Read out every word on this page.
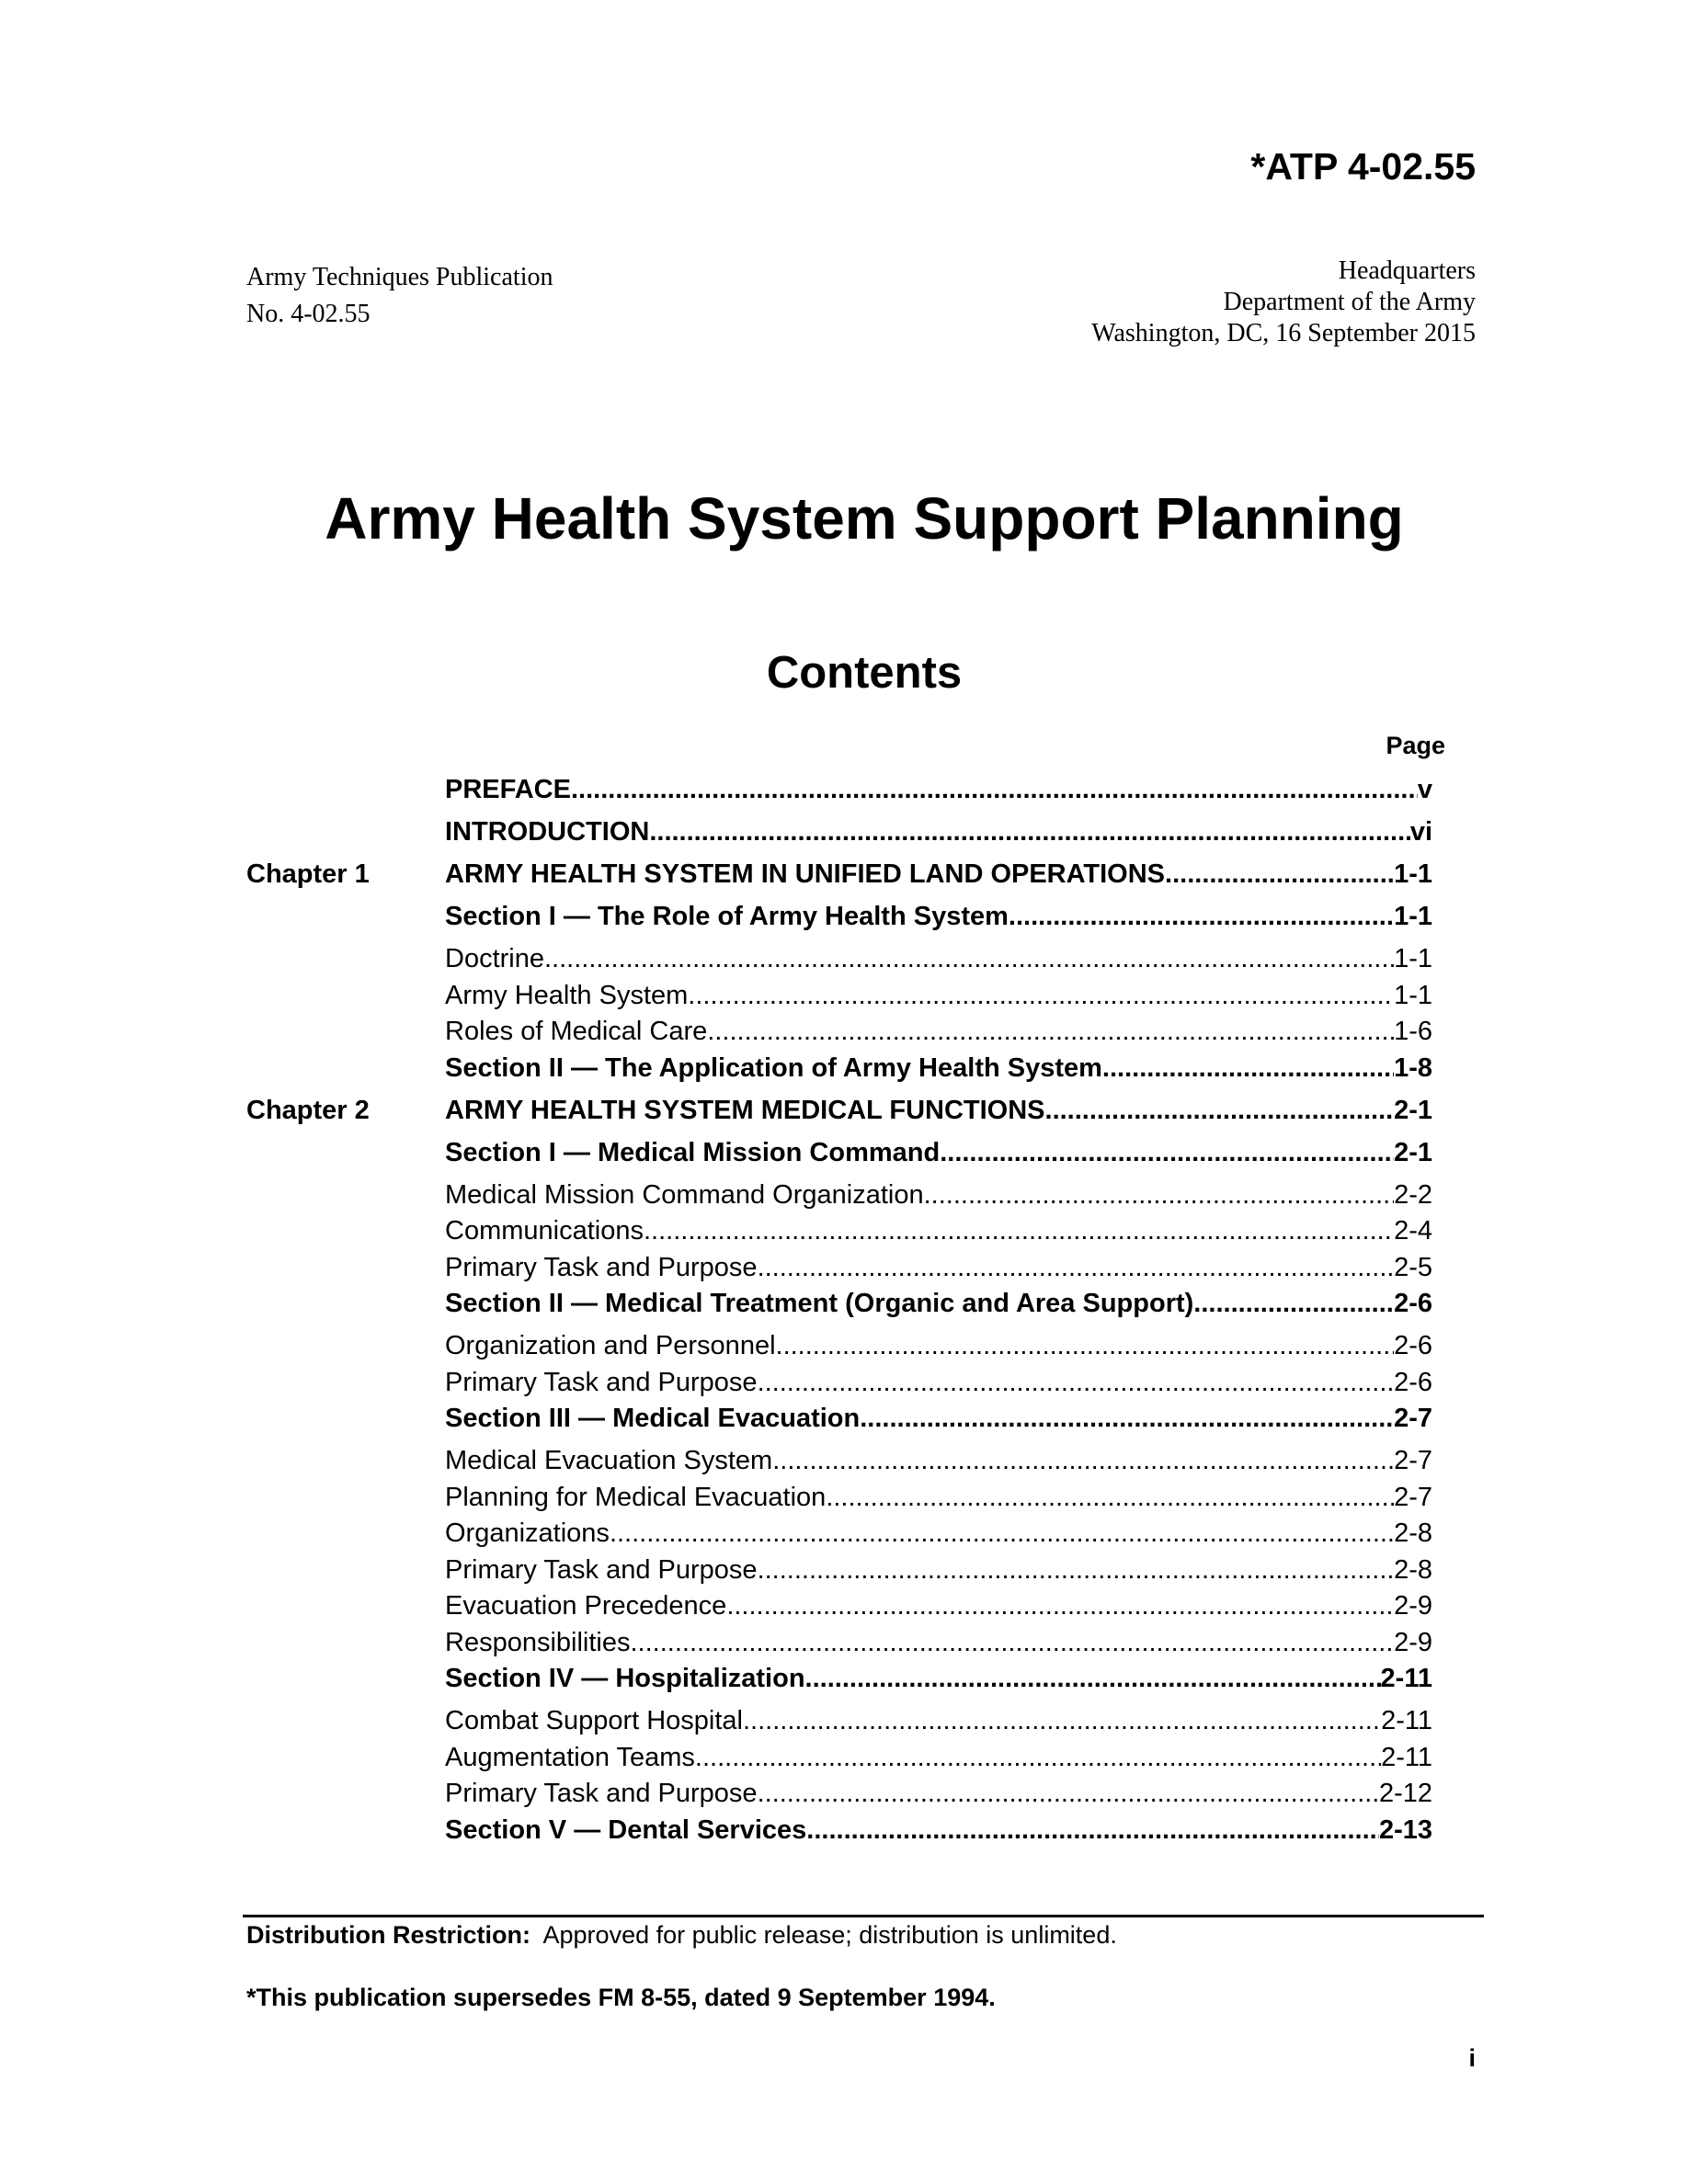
*ATP 4-02.55
Army Techniques Publication
No. 4-02.55
Headquarters
Department of the Army
Washington, DC, 16 September 2015
Army Health System Support Planning
Contents
Page
PREFACE .....	v
INTRODUCTION .....	vi
Chapter 1	ARMY HEALTH SYSTEM IN UNIFIED LAND OPERATIONS .....	1-1
Section I — The Role of Army Health System .....	1-1
Doctrine .....	1-1
Army Health System .....	1-1
Roles of Medical Care .....	1-6
Section II — The Application of Army Health System .....	1-8
Chapter 2	ARMY HEALTH SYSTEM MEDICAL FUNCTIONS .....	2-1
Section I — Medical Mission Command .....	2-1
Medical Mission Command Organization .....	2-2
Communications .....	2-4
Primary Task and Purpose .....	2-5
Section II — Medical Treatment (Organic and Area Support) .....	2-6
Organization and Personnel .....	2-6
Primary Task and Purpose .....	2-6
Section III — Medical Evacuation .....	2-7
Medical Evacuation System .....	2-7
Planning for Medical Evacuation .....	2-7
Organizations .....	2-8
Primary Task and Purpose .....	2-8
Evacuation Precedence .....	2-9
Responsibilities .....	2-9
Section IV — Hospitalization .....	2-11
Combat Support Hospital .....	2-11
Augmentation Teams .....	2-11
Primary Task and Purpose .....	2-12
Section V — Dental Services .....	2-13
Distribution Restriction: Approved for public release; distribution is unlimited.
*This publication supersedes FM 8-55, dated 9 September 1994.
i
